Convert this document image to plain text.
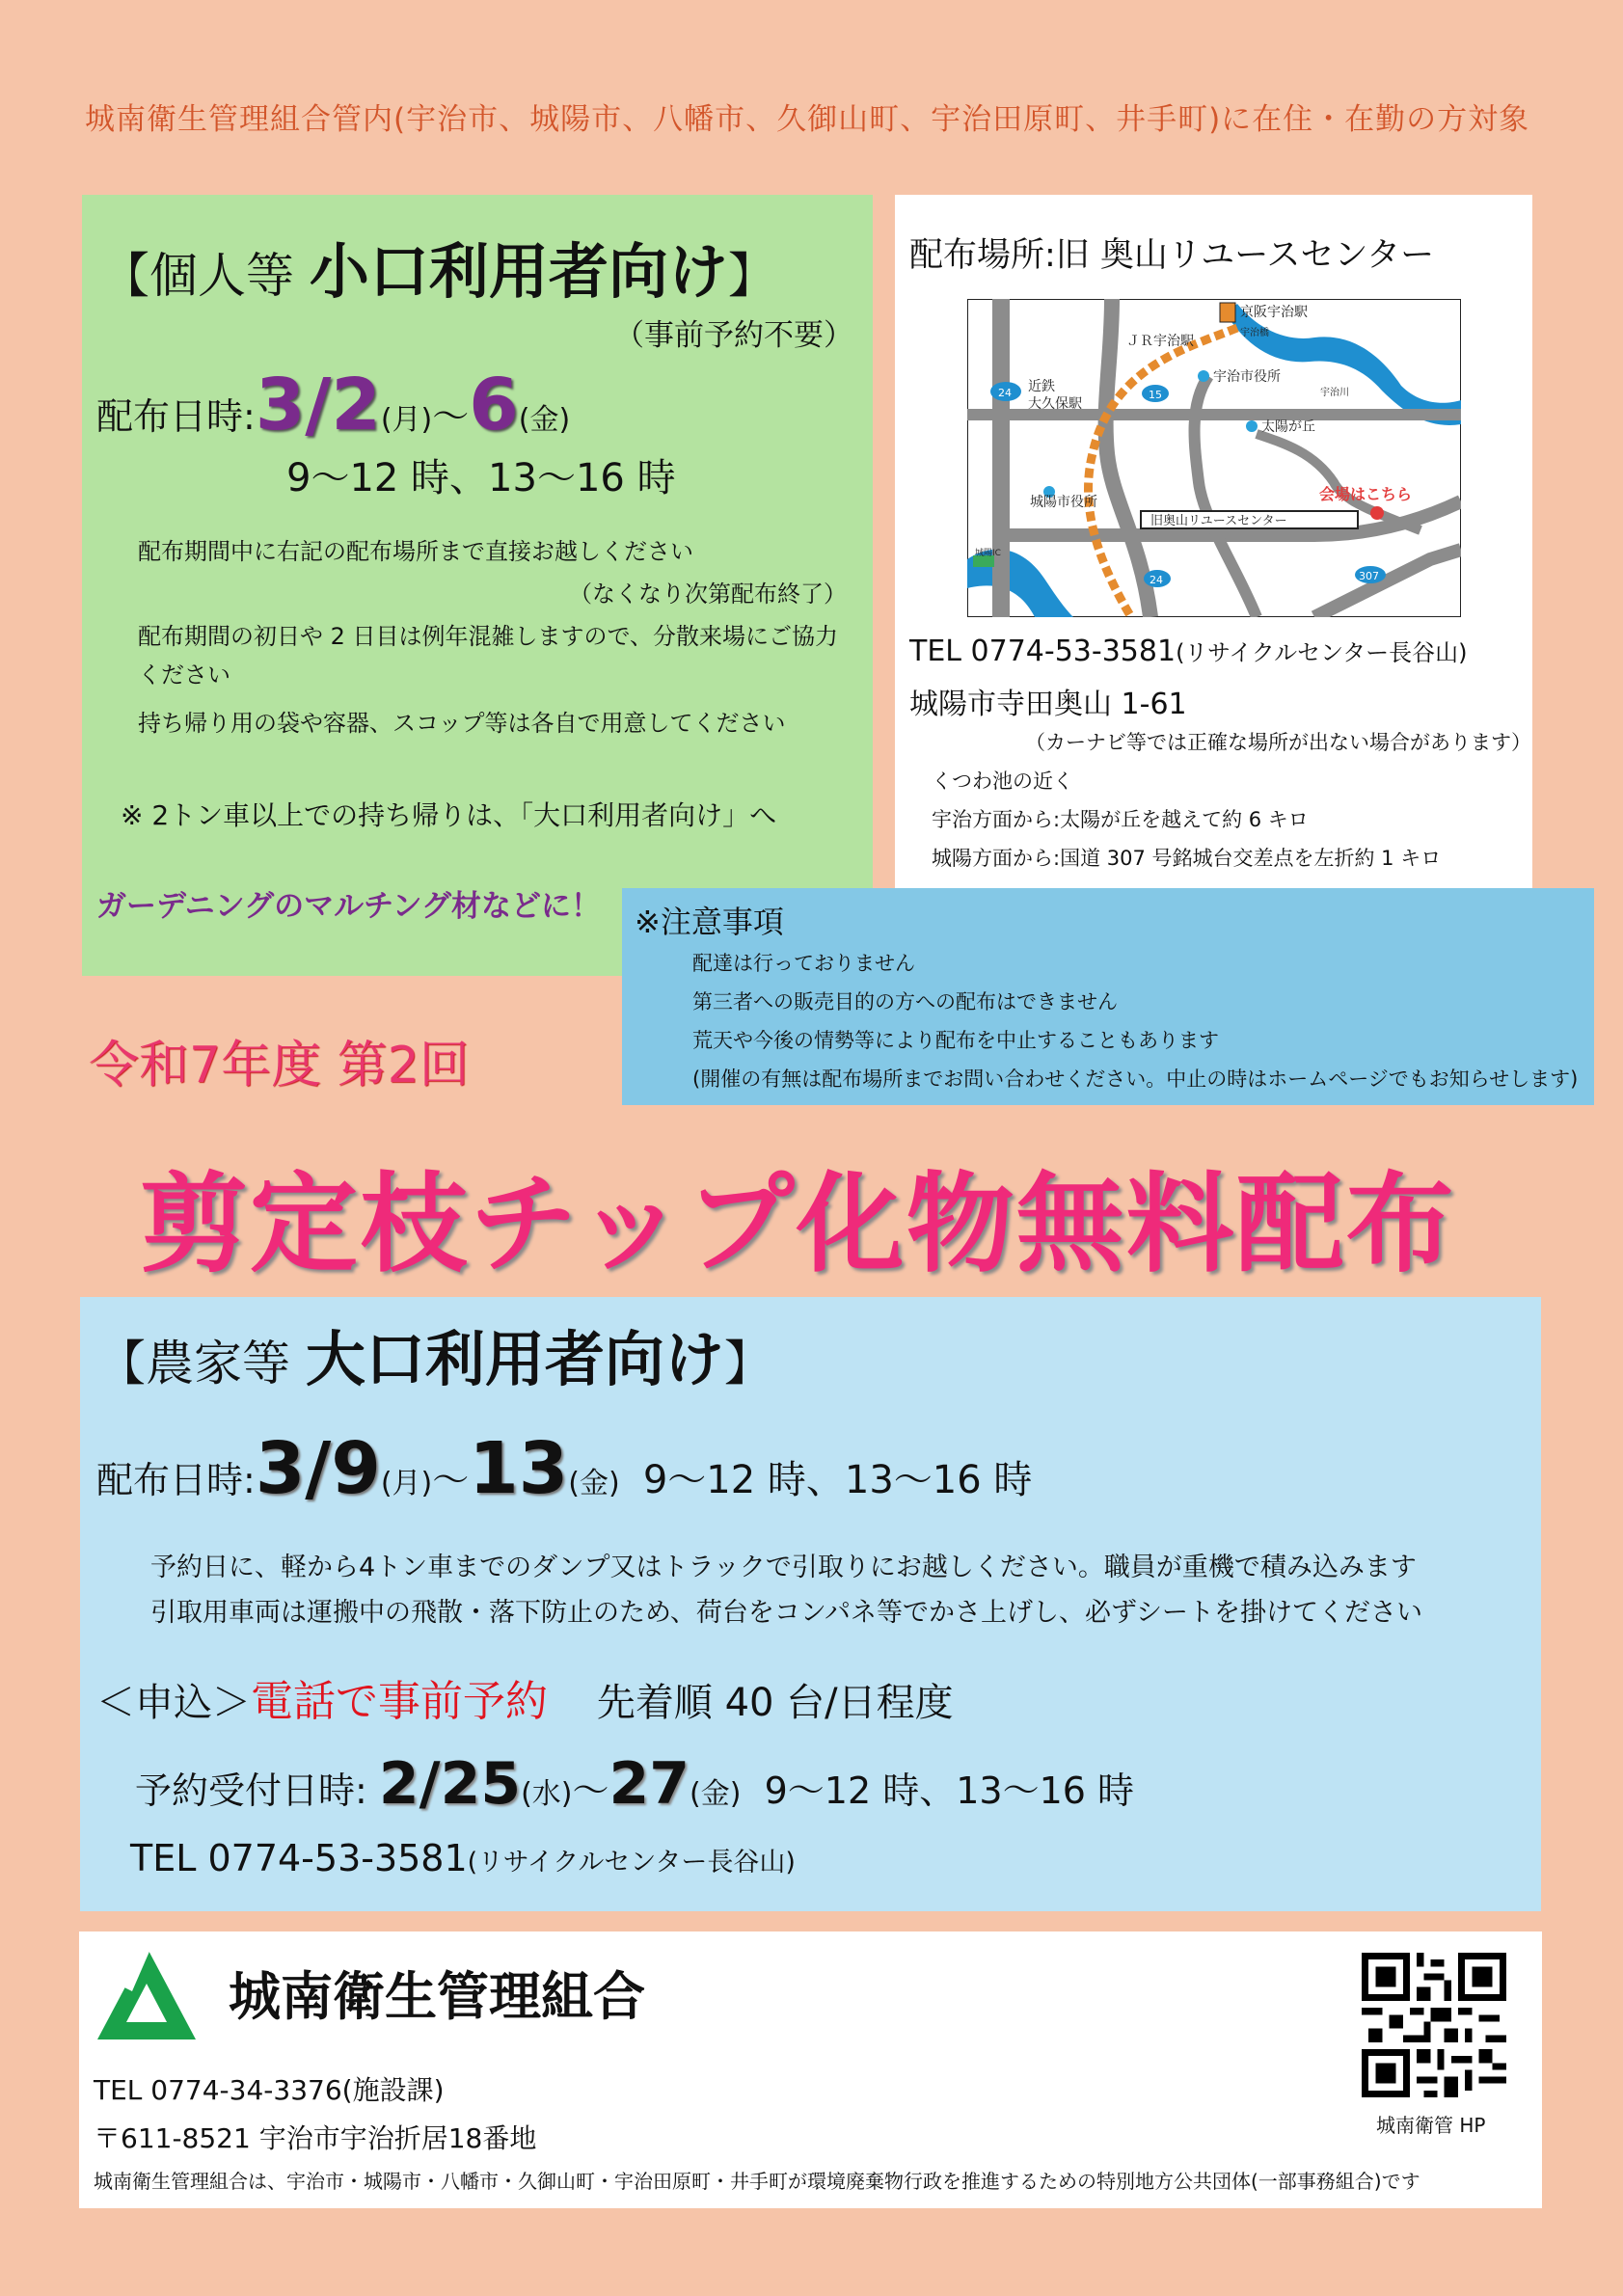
城南衛生管理組合管内(宇治市、城陽市、八幡市、久御山町、宇治田原町、井手町)に在住・在勤の方対象
【個人等 小口利用者向け】
（事前予約不要）
配布日時:3/2(月)～6(金)
9～12 時、13～16 時
配布期間中に右記の配布場所まで直接お越しください
（なくなり次第配布終了）
配布期間の初日や 2 日目は例年混雑しますので、分散来場にご協力
ください
持ち帰り用の袋や容器、スコップ等は各自で用意してください
※ 2トン車以上での持ち帰りは、「大口利用者向け」へ
ガーデニングのマルチング材などに！
配布場所:旧 奥山リユースセンター
京阪宇治駅
宇治橋
ＪＲ宇治駅
宇治市役所
宇治川
近鉄
大久保駅
太陽が丘
会場はこちら
城陽市役所
旧奥山リユースセンター
城陽IC
24	15
24	307
TEL 0774-53-3581(リサイクルセンター長谷山)
城陽市寺田奥山 1-61
（カーナビ等では正確な場所が出ない場合があります）
くつわ池の近く
宇治方面から:太陽が丘を越えて約 6 キロ
城陽方面から:国道 307 号銘城台交差点を左折約 1 キロ
※注意事項
配達は行っておりません
第三者への販売目的の方への配布はできません
荒天や今後の情勢等により配布を中止することもあります
(開催の有無は配布場所までお問い合わせください。中止の時はホームページでもお知らせします)
令和7年度 第2回
剪定枝チップ化物無料配布
【農家等 大口利用者向け】
配布日時:3/9(月)～13(金) 9～12 時、13～16 時
予約日に、軽から4トン車までのダンプ又はトラックで引取りにお越しください。職員が重機で積み込みます
引取用車両は運搬中の飛散・落下防止のため、荷台をコンパネ等でかさ上げし、必ずシートを掛けてください
＜申込＞電話で事前予約 先着順 40 台/日程度
予約受付日時: 2/25(水)～27(金) 9～12 時、13～16 時
TEL 0774-53-3581(リサイクルセンター長谷山)
城南衛生管理組合
TEL 0774-34-3376(施設課)
〒611-8521 宇治市宇治折居18番地
城南衛生管理組合は、宇治市・城陽市・八幡市・久御山町・宇治田原町・井手町が環境廃棄物行政を推進するための特別地方公共団体(一部事務組合)です
城南衛管 HP
